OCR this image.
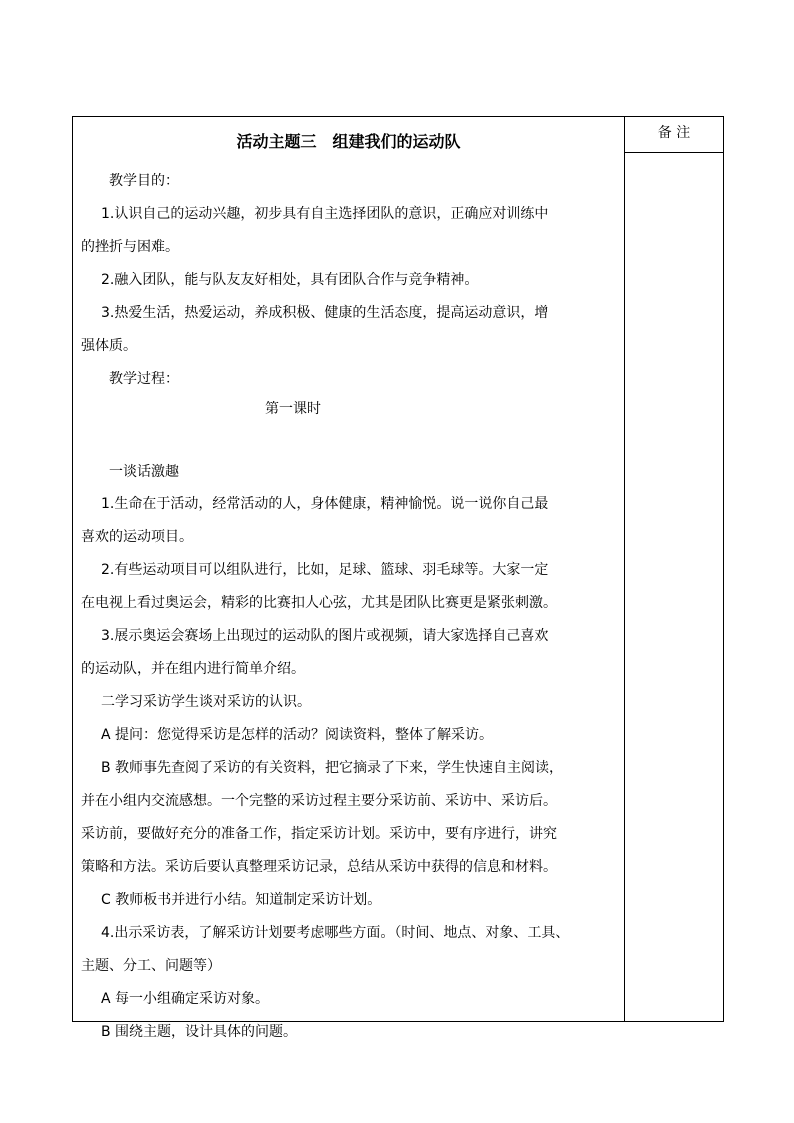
备 注
活动主题三　组建我们的运动队
教学目的：
1.认识自己的运动兴趣，初步具有自主选择团队的意识，正确应对训练中
的挫折与困难。
2.融入团队，能与队友友好相处，具有团队合作与竞争精神。
3.热爱生活，热爱运动，养成积极、健康的生活态度，提高运动意识，增
强体质。
教学过程：
第一课时
一谈话激趣
1.生命在于活动，经常活动的人，身体健康，精神愉悦。说一说你自己最
喜欢的运动项目。
2.有些运动项目可以组队进行，比如，足球、篮球、羽毛球等。大家一定
在电视上看过奥运会，精彩的比赛扣人心弦，尤其是团队比赛更是紧张刺激。
3.展示奥运会赛场上出现过的运动队的图片或视频，请大家选择自己喜欢
的运动队，并在组内进行简单介绍。
二学习采访学生谈对采访的认识。
A 提问：您觉得采访是怎样的活动？阅读资料，整体了解采访。
B 教师事先查阅了采访的有关资料，把它摘录了下来，学生快速自主阅读，
并在小组内交流感想。一个完整的采访过程主要分采访前、采访中、采访后。
采访前，要做好充分的准备工作，指定采访计划。采访中，要有序进行，讲究
策略和方法。采访后要认真整理采访记录，总结从采访中获得的信息和材料。
C 教师板书并进行小结。知道制定采访计划。
4.出示采访表，了解采访计划要考虑哪些方面。（时间、地点、对象、工具、
主题、分工、问题等）
A 每一小组确定采访对象。
B 围绕主题，设计具体的问题。
